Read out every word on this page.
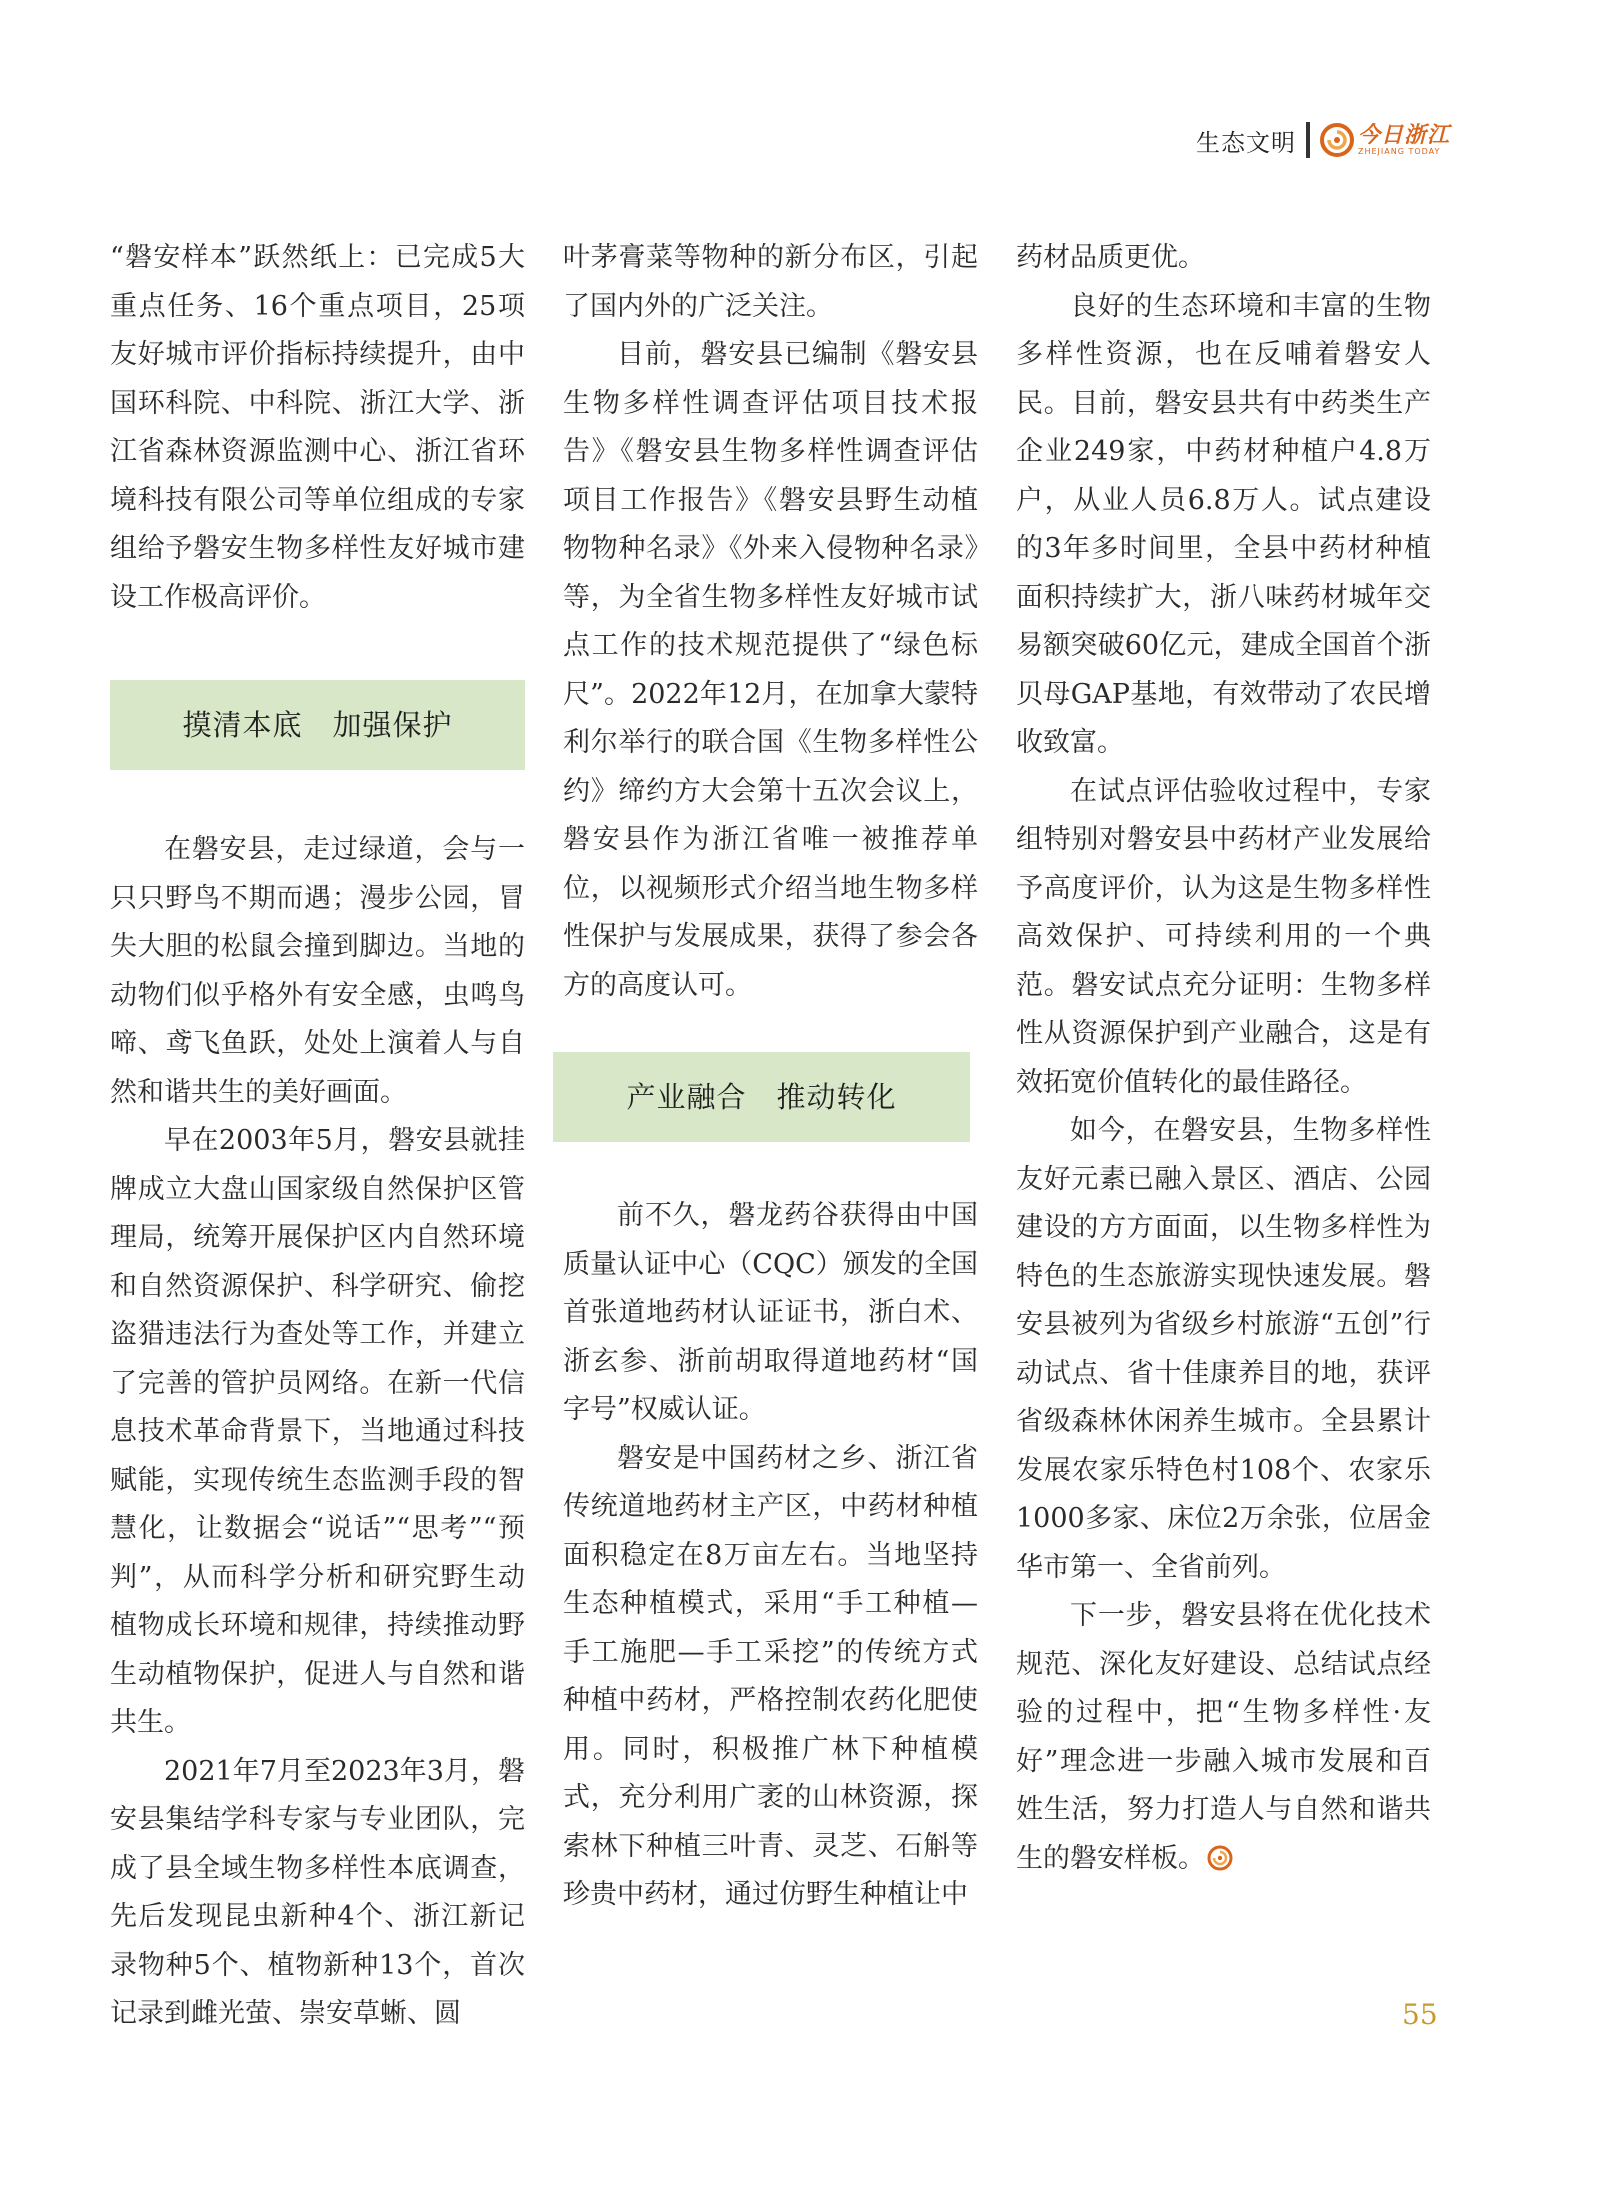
生态文明	今日浙江
ZHEJIANG TODAY

“磐安样本”跃然纸上：已完成5大重点任务、16个重点项目，25项友好城市评价指标持续提升，由中国环科院、中科院、浙江大学、浙江省森林资源监测中心、浙江省环境科技有限公司等单位组成的专家组给予磐安生物多样性友好城市建设工作极高评价。

摸清本底　加强保护

在磐安县，走过绿道，会与一只只野鸟不期而遇；漫步公园，冒失大胆的松鼠会撞到脚边。当地的动物们似乎格外有安全感，虫鸣鸟啼、鸢飞鱼跃，处处上演着人与自然和谐共生的美好画面。

早在2003年5月，磐安县就挂牌成立大盘山国家级自然保护区管理局，统筹开展保护区内自然环境和自然资源保护、科学研究、偷挖盗猎违法行为查处等工作，并建立了完善的管护员网络。在新一代信息技术革命背景下，当地通过科技赋能，实现传统生态监测手段的智慧化，让数据会“说话”“思考”“预判”，从而科学分析和研究野生动植物成长环境和规律，持续推动野生动植物保护，促进人与自然和谐共生。

2021年7月至2023年3月，磐安县集结学科专家与专业团队，完成了县全域生物多样性本底调查，先后发现昆虫新种4个、浙江新记录物种5个、植物新种13个，首次记录到雌光萤、崇安草蜥、圆

叶茅膏菜等物种的新分布区，引起了国内外的广泛关注。

目前，磐安县已编制《磐安县生物多样性调查评估项目技术报告》《磐安县生物多样性调查评估项目工作报告》《磐安县野生动植物物种名录》《外来入侵物种名录》等，为全省生物多样性友好城市试点工作的技术规范提供了“绿色标尺”。2022年12月，在加拿大蒙特利尔举行的联合国《生物多样性公约》缔约方大会第十五次会议上，磐安县作为浙江省唯一被推荐单位，以视频形式介绍当地生物多样性保护与发展成果，获得了参会各方的高度认可。

产业融合　推动转化

前不久，磐龙药谷获得由中国质量认证中心（CQC）颁发的全国首张道地药材认证证书，浙白术、浙玄参、浙前胡取得道地药材“国字号”权威认证。

磐安是中国药材之乡、浙江省传统道地药材主产区，中药材种植面积稳定在8万亩左右。当地坚持生态种植模式，采用“手工种植—手工施肥—手工采挖”的传统方式种植中药材，严格控制农药化肥使用。同时，积极推广林下种植模式，充分利用广袤的山林资源，探索林下种植三叶青、灵芝、石斛等珍贵中药材，通过仿野生种植让中

药材品质更优。

良好的生态环境和丰富的生物多样性资源，也在反哺着磐安人民。目前，磐安县共有中药类生产企业249家，中药材种植户4.8万户，从业人员6.8万人。试点建设的3年多时间里，全县中药材种植面积持续扩大，浙八味药材城年交易额突破60亿元，建成全国首个浙贝母GAP基地，有效带动了农民增收致富。

在试点评估验收过程中，专家组特别对磐安县中药材产业发展给予高度评价，认为这是生物多样性高效保护、可持续利用的一个典范。磐安试点充分证明：生物多样性从资源保护到产业融合，这是有效拓宽价值转化的最佳路径。

如今，在磐安县，生物多样性友好元素已融入景区、酒店、公园建设的方方面面，以生物多样性为特色的生态旅游实现快速发展。磐安县被列为省级乡村旅游“五创”行动试点、省十佳康养目的地，获评省级森林休闲养生城市。全县累计发展农家乐特色村108个、农家乐1000多家、床位2万余张，位居金华市第一、全省前列。

下一步，磐安县将在优化技术规范、深化友好建设、总结试点经验的过程中，把“生物多样性·友好”理念进一步融入城市发展和百姓生活，努力打造人与自然和谐共生的磐安样板。

55
